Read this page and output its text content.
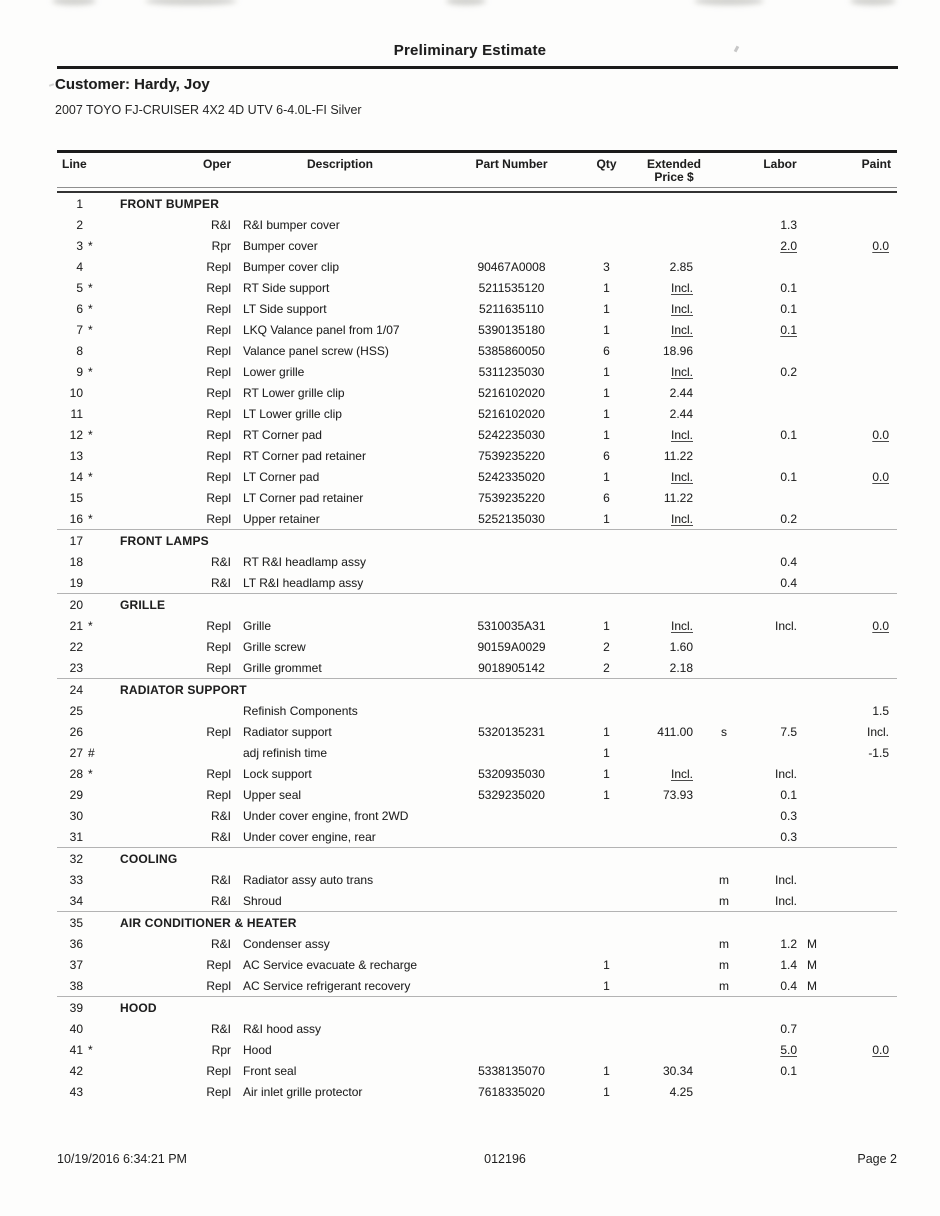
Preliminary Estimate
Customer: Hardy, Joy
2007 TOYO FJ-CRUISER 4X2 4D UTV 6-4.0L-FI Silver
Line		Oper	Description	Part Number	Qty	Extended
Price $		Labor		Paint

1	FRONT BUMPER									
2		R&I	R&I bumper cover					1.3		
3	*	Rpr	Bumper cover					2.0		0.0
4		Repl	Bumper cover clip	90467A0008	3	2.85				
5	*	Repl	RT Side support	5211535120	1	Incl.		0.1		
6	*	Repl	LT Side support	5211635110	1	Incl.		0.1		
7	*	Repl	LKQ Valance panel from 1/07	5390135180	1	Incl.		0.1		
8		Repl	Valance panel screw (HSS)	5385860050	6	18.96				
9	*	Repl	Lower grille	5311235030	1	Incl.		0.2		
10		Repl	RT Lower grille clip	5216102020	1	2.44				
11		Repl	LT Lower grille clip	5216102020	1	2.44				
12	*	Repl	RT Corner pad	5242235030	1	Incl.		0.1		0.0
13		Repl	RT Corner pad retainer	7539235220	6	11.22				
14	*	Repl	LT Corner pad	5242335020	1	Incl.		0.1		0.0
15		Repl	LT Corner pad retainer	7539235220	6	11.22				
16	*	Repl	Upper retainer	5252135030	1	Incl.		0.2		
17	FRONT LAMPS									
18		R&I	RT R&I headlamp assy					0.4		
19		R&I	LT R&I headlamp assy					0.4		
20	GRILLE									
21	*	Repl	Grille	5310035A31	1	Incl.		Incl.		0.0
22		Repl	Grille screw	90159A0029	2	1.60				
23		Repl	Grille grommet	9018905142	2	2.18				
24	RADIATOR SUPPORT									
25			Refinish Components							1.5
26		Repl	Radiator support	5320135231	1	411.00	s	7.5		Incl.
27	#		adj refinish time		1					-1.5
28	*	Repl	Lock support	5320935030	1	Incl.		Incl.		
29		Repl	Upper seal	5329235020	1	73.93		0.1		
30		R&I	Under cover engine, front 2WD					0.3		
31		R&I	Under cover engine, rear					0.3		
32	COOLING									
33		R&I	Radiator assy auto trans				m	Incl.		
34		R&I	Shroud				m	Incl.		
35	AIR CONDITIONER & HEATER									
36		R&I	Condenser assy				m	1.2	M	
37		Repl	AC Service evacuate & recharge		1		m	1.4	M	
38		Repl	AC Service refrigerant recovery		1		m	0.4	M	
39	HOOD									
40		R&I	R&I hood assy					0.7		
41	*	Rpr	Hood					5.0		0.0
42		Repl	Front seal	5338135070	1	30.34		0.1		
43		Repl	Air inlet grille protector	7618335020	1	4.25				
10/19/2016 6:34:21 PM	012196	Page 2
